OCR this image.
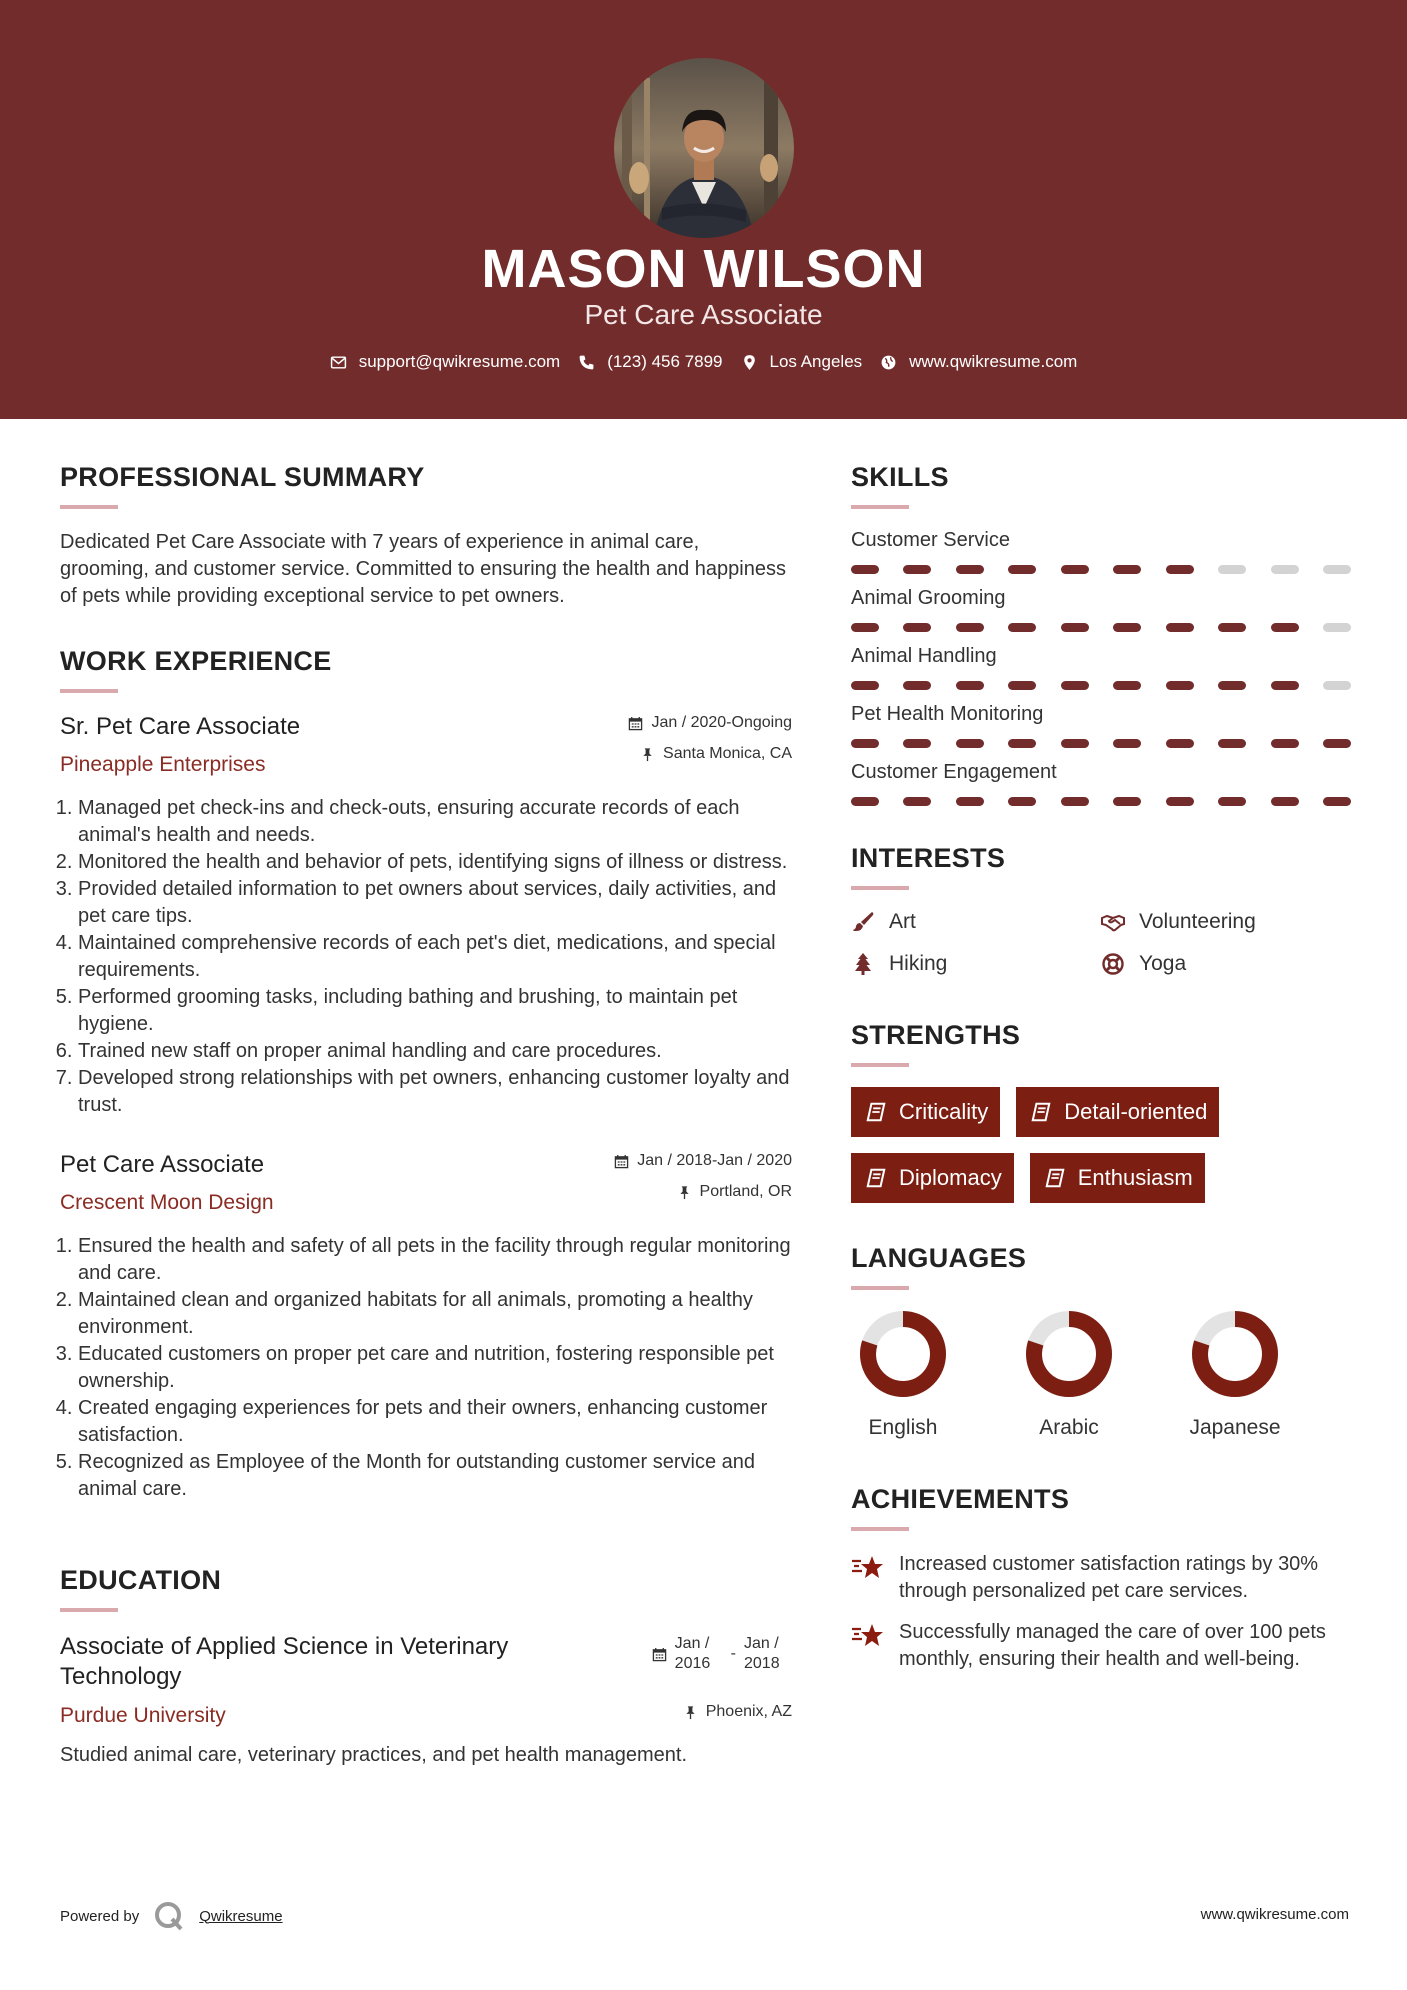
MASON WILSON
Pet Care Associate
support@qwikresume.com	(123) 456 7899	Los Angeles	www.qwikresume.com
PROFESSIONAL SUMMARY
Dedicated Pet Care Associate with 7 years of experience in animal care, grooming, and customer service. Committed to ensuring the health and happiness of pets while providing exceptional service to pet owners.
WORK EXPERIENCE
Sr. Pet Care Associate
Pineapple Enterprises
Jan / 2020-Ongoing
Santa Monica, CA
1. Managed pet check-ins and check-outs, ensuring accurate records of each animal's health and needs.
2. Monitored the health and behavior of pets, identifying signs of illness or distress.
3. Provided detailed information to pet owners about services, daily activities, and pet care tips.
4. Maintained comprehensive records of each pet's diet, medications, and special requirements.
5. Performed grooming tasks, including bathing and brushing, to maintain pet hygiene.
6. Trained new staff on proper animal handling and care procedures.
7. Developed strong relationships with pet owners, enhancing customer loyalty and trust.
Pet Care Associate
Crescent Moon Design
Jan / 2018-Jan / 2020
Portland, OR
1. Ensured the health and safety of all pets in the facility through regular monitoring and care.
2. Maintained clean and organized habitats for all animals, promoting a healthy environment.
3. Educated customers on proper pet care and nutrition, fostering responsible pet ownership.
4. Created engaging experiences for pets and their owners, enhancing customer satisfaction.
5. Recognized as Employee of the Month for outstanding customer service and animal care.
EDUCATION
Associate of Applied Science in Veterinary Technology
Purdue University
Jan / 2016
-
Jan / 2018
Phoenix, AZ
Studied animal care, veterinary practices, and pet health management.
SKILLS
Customer Service
Animal Grooming
Animal Handling
Pet Health Monitoring
Customer Engagement
INTERESTS
Art	Volunteering
Hiking	Yoga
STRENGTHS
Criticality	Detail-oriented
Diplomacy	Enthusiasm
LANGUAGES
English	Arabic	Japanese
ACHIEVEMENTS
Increased customer satisfaction ratings by 30% through personalized pet care services.
Successfully managed the care of over 100 pets monthly, ensuring their health and well-being.
Powered by	Qwikresume	www.qwikresume.com
